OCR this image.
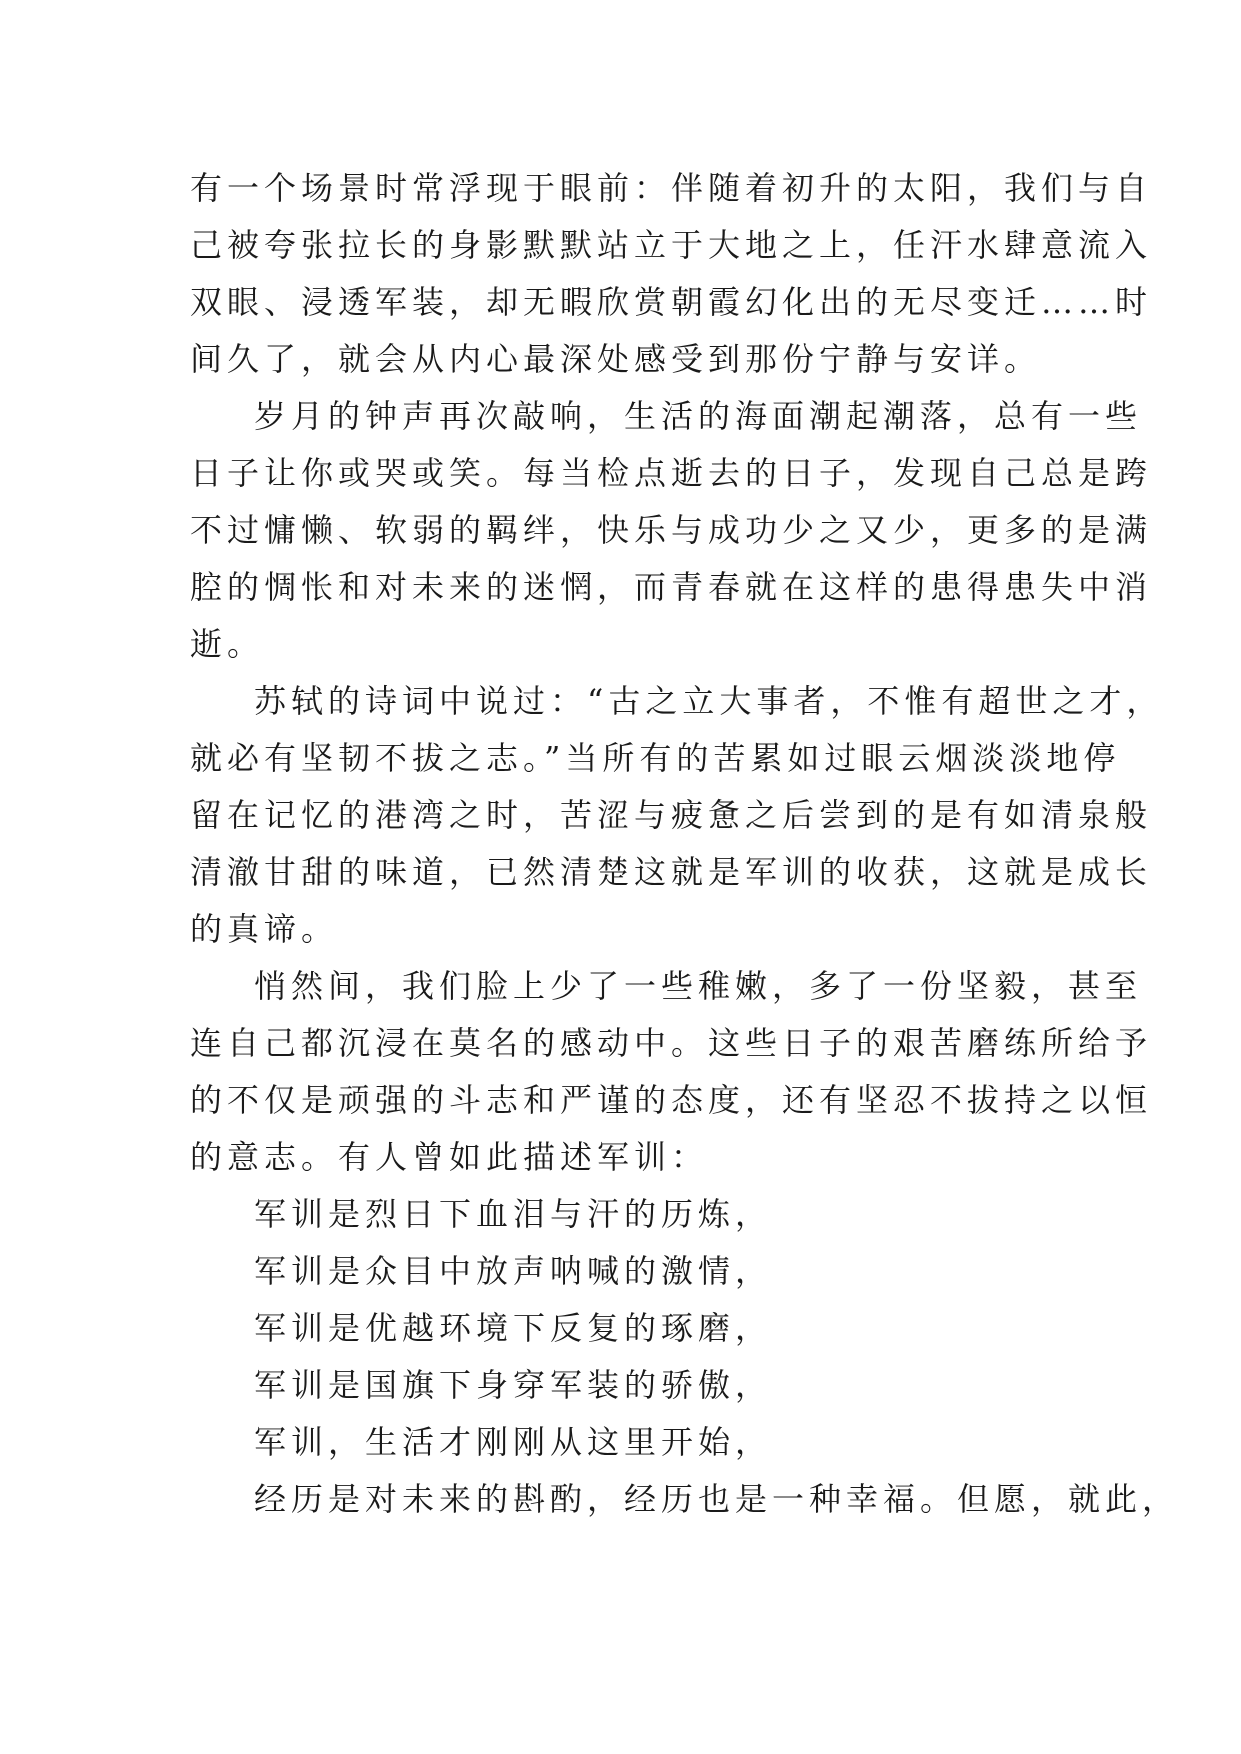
有一个场景时常浮现于眼前：伴随着初升的太阳，我们与自
己被夸张拉长的身影默默站立于大地之上，任汗水肆意流入
双眼、浸透军装，却无暇欣赏朝霞幻化出的无尽变迁……时
间久了，就会从内心最深处感受到那份宁静与安详。
岁月的钟声再次敲响，生活的海面潮起潮落，总有一些
日子让你或哭或笑。每当检点逝去的日子，发现自己总是跨
不过慵懒、软弱的羁绊，快乐与成功少之又少，更多的是满
腔的惆怅和对未来的迷惘，而青春就在这样的患得患失中消
逝。
苏轼的诗词中说过：“古之立大事者，不惟有超世之才，
就必有坚韧不拔之志。”当所有的苦累如过眼云烟淡淡地停
留在记忆的港湾之时，苦涩与疲惫之后尝到的是有如清泉般
清澈甘甜的味道，已然清楚这就是军训的收获，这就是成长
的真谛。
悄然间，我们脸上少了一些稚嫩，多了一份坚毅，甚至
连自己都沉浸在莫名的感动中。这些日子的艰苦磨练所给予
的不仅是顽强的斗志和严谨的态度，还有坚忍不拔持之以恒
的意志。有人曾如此描述军训：
军训是烈日下血泪与汗的历炼，
军训是众目中放声呐喊的激情，
军训是优越环境下反复的琢磨，
军训是国旗下身穿军装的骄傲，
军训，生活才刚刚从这里开始，
经历是对未来的斟酌，经历也是一种幸福。但愿，就此，
